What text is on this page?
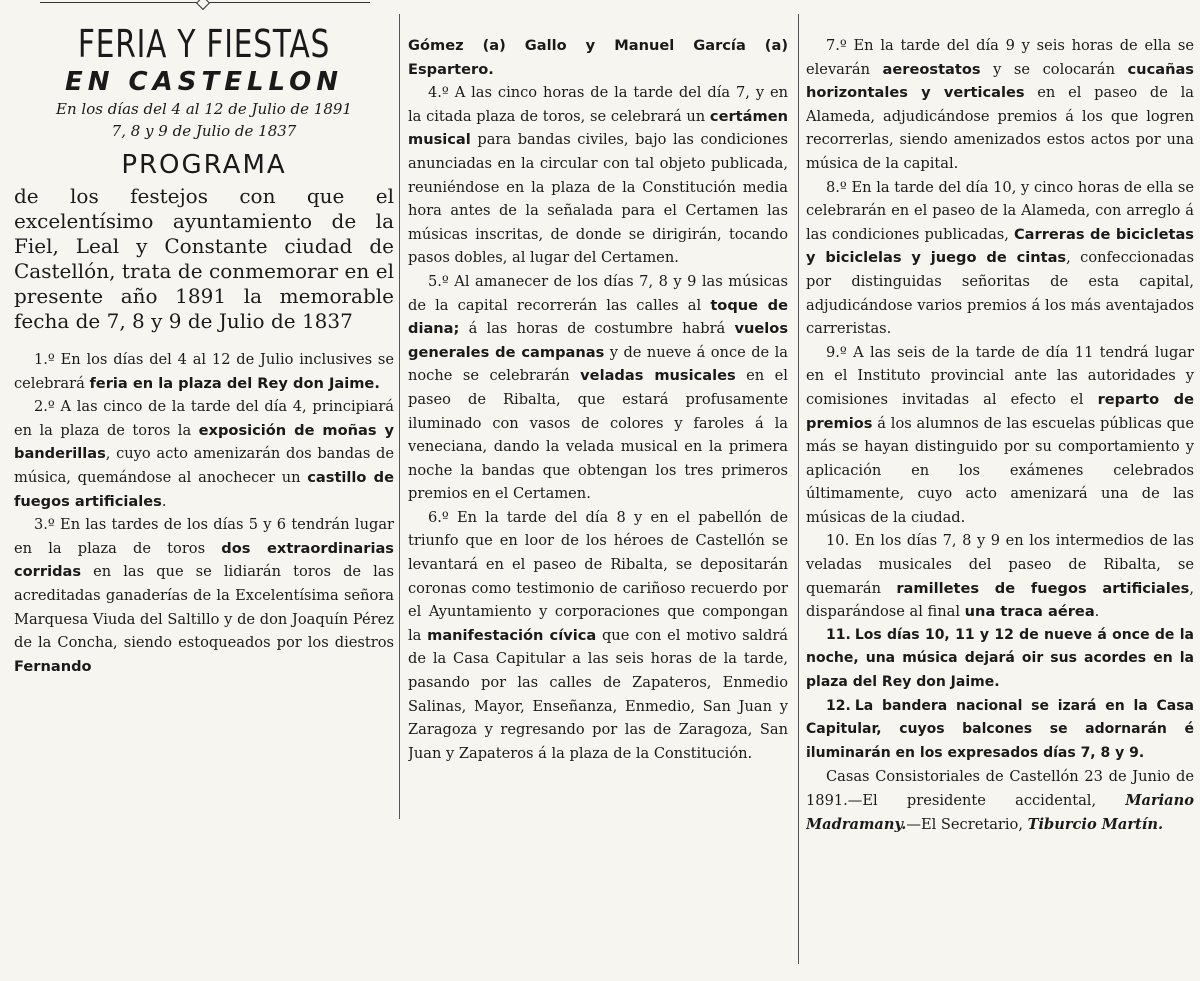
FERIA Y FIESTAS
EN CASTELLON
En los días del 4 al 12 de Julio de 1891
7, 8 y 9 de Julio de 1837
PROGRAMA

de los festejos con que el excelentísimo ayuntamiento de la Fiel, Leal y Constante ciudad de Castellón, trata de conmemorar en el presente año 1891 la memorable fecha de 7, 8 y 9 de Julio de 1837

1.º En los días del 4 al 12 de Julio inclusives se celebrará feria en la plaza del Rey don Jaime.

2.º A las cinco de la tarde del día 4, principiará en la plaza de toros la exposición de moñas y banderillas, cuyo acto amenizarán dos bandas de música, quemándose al anochecer un castillo de fuegos artificiales.

3.º En las tardes de los días 5 y 6 tendrán lugar en la plaza de toros dos extraordinarias corridas en las que se lidiarán toros de las acreditadas ganaderías de la Excelentísima señora Marquesa Viuda del Saltillo y de don Joaquín Pérez de la Concha, siendo estoqueados por los diestros Fernando

Gómez (a) Gallo y Manuel García (a) Espartero.

4.º A las cinco horas de la tarde del día 7, y en la citada plaza de toros, se celebrará un certámen musical para bandas civiles, bajo las condiciones anunciadas en la circular con tal objeto publicada, reuniéndose en la plaza de la Constitución media hora antes de la señalada para el Certamen las músicas inscritas, de donde se dirigirán, tocando pasos dobles, al lugar del Certamen.

5.º Al amanecer de los días 7, 8 y 9 las músicas de la capital recorrerán las calles al toque de diana; á las horas de costumbre habrá vuelos generales de campanas y de nueve á once de la noche se celebrarán veladas musicales en el paseo de Ribalta, que estará profusamente iluminado con vasos de colores y faroles á la veneciana, dando la velada musical en la primera noche la bandas que obtengan los tres primeros premios en el Certamen.

6.º En la tarde del día 8 y en el pabellón de triunfo que en loor de los héroes de Castellón se levantará en el paseo de Ribalta, se depositarán coronas como testimonio de cariñoso recuerdo por el Ayuntamiento y corporaciones que compongan la manifestación cívica que con el motivo saldrá de la Casa Capitular a las seis horas de la tarde, pasando por las calles de Zapateros, Enmedio Salinas, Mayor, Enseñanza, Enmedio, San Juan y Zaragoza y regresando por las de Zaragoza, San Juan y Zapateros á la plaza de la Constitución.

7.º En la tarde del día 9 y seis horas de ella se elevarán aereostatos y se colocarán cucañas horizontales y verticales en el paseo de la Alameda, adjudicándose premios á los que logren recorrerlas, siendo amenizados estos actos por una música de la capital.

8.º En la tarde del día 10, y cinco horas de ella se celebrarán en el paseo de la Alameda, con arreglo á las condiciones publicadas, Carreras de bicicletas y biciclelas y juego de cintas, confeccionadas por distinguidas señoritas de esta capital, adjudicándose varios premios á los más aventajados carreristas.

9.º A las seis de la tarde de día 11 tendrá lugar en el Instituto provincial ante las autoridades y comisiones invitadas al efecto el reparto de premios á los alumnos de las escuelas públicas que más se hayan distinguido por su comportamiento y aplicación en los exámenes celebrados últimamente, cuyo acto amenizará una de las músicas de la ciudad.

10. En los días 7, 8 y 9 en los intermedios de las veladas musicales del paseo de Ribalta, se quemarán ramilletes de fuegos artificiales, disparándose al final una traca aérea.

11. Los días 10, 11 y 12 de nueve á once de la noche, una música dejará oir sus acordes en la plaza del Rey don Jaime.

12. La bandera nacional se izará en la Casa Capitular, cuyos balcones se adornarán é iluminarán en los expresados días 7, 8 y 9.

Casas Consistoriales de Castellón 23 de Junio de 1891.—El presidente accidental, Mariano Madramany.—El Secretario, Tiburcio Martín.
